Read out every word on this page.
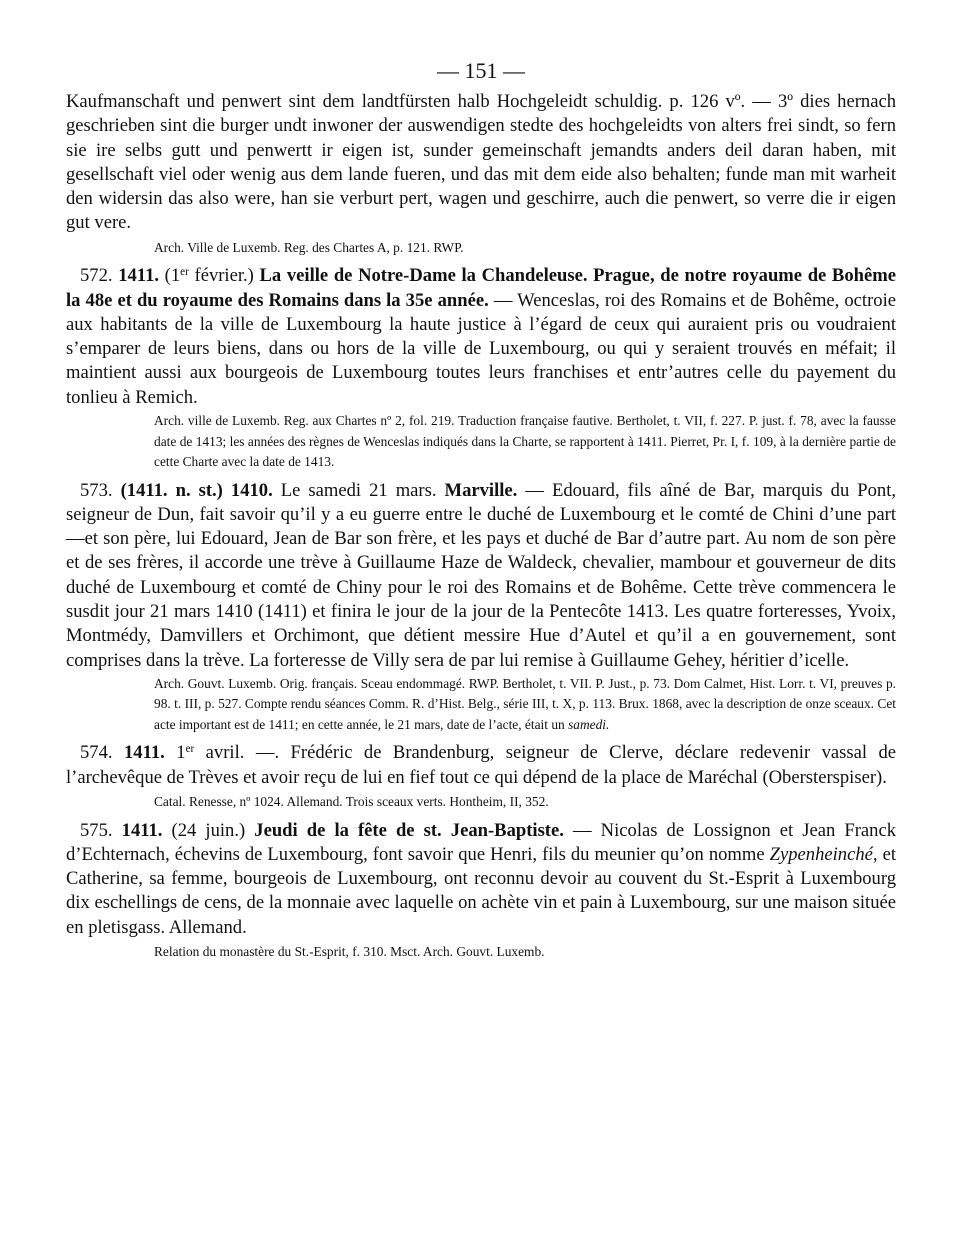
— 151 —

Kaufmanschaft und penwert sint dem landtfürsten halb Hochgeleidt schuldig. p. 126 vº. — 3º dies hernach geschrieben sint die burger undt inwoner der auswendigen stedte des hochgeleidts von alters frei sindt, so fern sie ire selbs gutt und penwertt ir eigen ist, sunder gemeinschaft jemandts anders deil daran haben, mit gesellschaft viel oder wenig aus dem lande fueren, und das mit dem eide also behalten; funde man mit warheit den widersin das also were, han sie verburt pert, wagen und geschirre, auch die penwert, so verre die ir eigen gut vere.

Arch. Ville de Luxemb. Reg. des Chartes A, p. 121. RWP.

572. 1411. (1er février.) La veille de Notre-Dame la Chandeleuse. Prague, de notre royaume de Bohême la 48e et du royaume des Romains dans la 35e année. — Wenceslas, roi des Romains et de Bohême, octroie aux habitants de la ville de Luxembourg la haute justice à l’égard de ceux qui auraient pris ou voudraient s’emparer de leurs biens, dans ou hors de la ville de Luxembourg, ou qui y seraient trouvés en méfait; il maintient aussi aux bourgeois de Luxembourg toutes leurs franchises et entr’autres celle du payement du tonlieu à Remich.

Arch. ville de Luxemb. Reg. aux Chartes nº 2, fol. 219. Traduction française fautive. Bertholet, t. VII, f. 227. P. just. f. 78, avec la fausse date de 1413; les années des règnes de Wenceslas indiqués dans la Charte, se rapportent à 1411. Pierret, Pr. I, f. 109, à la dernière partie de cette Charte avec la date de 1413.

573. (1411. n. st.) 1410. Le samedi 21 mars. Marville. — Edouard, fils aîné de Bar, marquis du Pont, seigneur de Dun, fait savoir qu’il y a eu guerre entre le duché de Luxembourg et le comté de Chini d’une part—et son père, lui Edouard, Jean de Bar son frère, et les pays et duché de Bar d’autre part. Au nom de son père et de ses frères, il accorde une trève à Guillaume Haze de Waldeck, chevalier, mambour et gouverneur de dits duché de Luxembourg et comté de Chiny pour le roi des Romains et de Bohême. Cette trève commencera le susdit jour 21 mars 1410 (1411) et finira le jour de la jour de la Pentecôte 1413. Les quatre forteresses, Yvoix, Montmédy, Damvillers et Orchimont, que détient messire Hue d’Autel et qu’il a en gouvernement, sont comprises dans la trève. La forteresse de Villy sera de par lui remise à Guillaume Gehey, héritier d’icelle.

Arch. Gouvt. Luxemb. Orig. français. Sceau endommagé. RWP. Bertholet, t. VII. P. Just., p. 73. Dom Calmet, Hist. Lorr. t. VI, preuves p. 98. t. III, p. 527. Compte rendu séances Comm. R. d’Hist. Belg., série III, t. X, p. 113. Brux. 1868, avec la description de onze sceaux. Cet acte important est de 1411; en cette année, le 21 mars, date de l’acte, était un samedi.

574. 1411. 1er avril. —. Frédéric de Brandenburg, seigneur de Clerve, déclare redevenir vassal de l’archevêque de Trèves et avoir reçu de lui en fief tout ce qui dépend de la place de Maréchal (Obersterspiser).

Catal. Renesse, nº 1024. Allemand. Trois sceaux verts. Hontheim, II, 352.

575. 1411. (24 juin.) Jeudi de la fête de st. Jean-Baptiste. — Nicolas de Lossignon et Jean Franck d’Echternach, échevins de Luxembourg, font savoir que Henri, fils du meunier qu’on nomme Zypenheinché, et Catherine, sa femme, bourgeois de Luxembourg, ont reconnu devoir au couvent du St.-Esprit à Luxembourg dix eschellings de cens, de la monnaie avec laquelle on achète vin et pain à Luxembourg, sur une maison située en pletisgass. Allemand.

Relation du monastère du St.-Esprit, f. 310. Msct. Arch. Gouvt. Luxemb.
